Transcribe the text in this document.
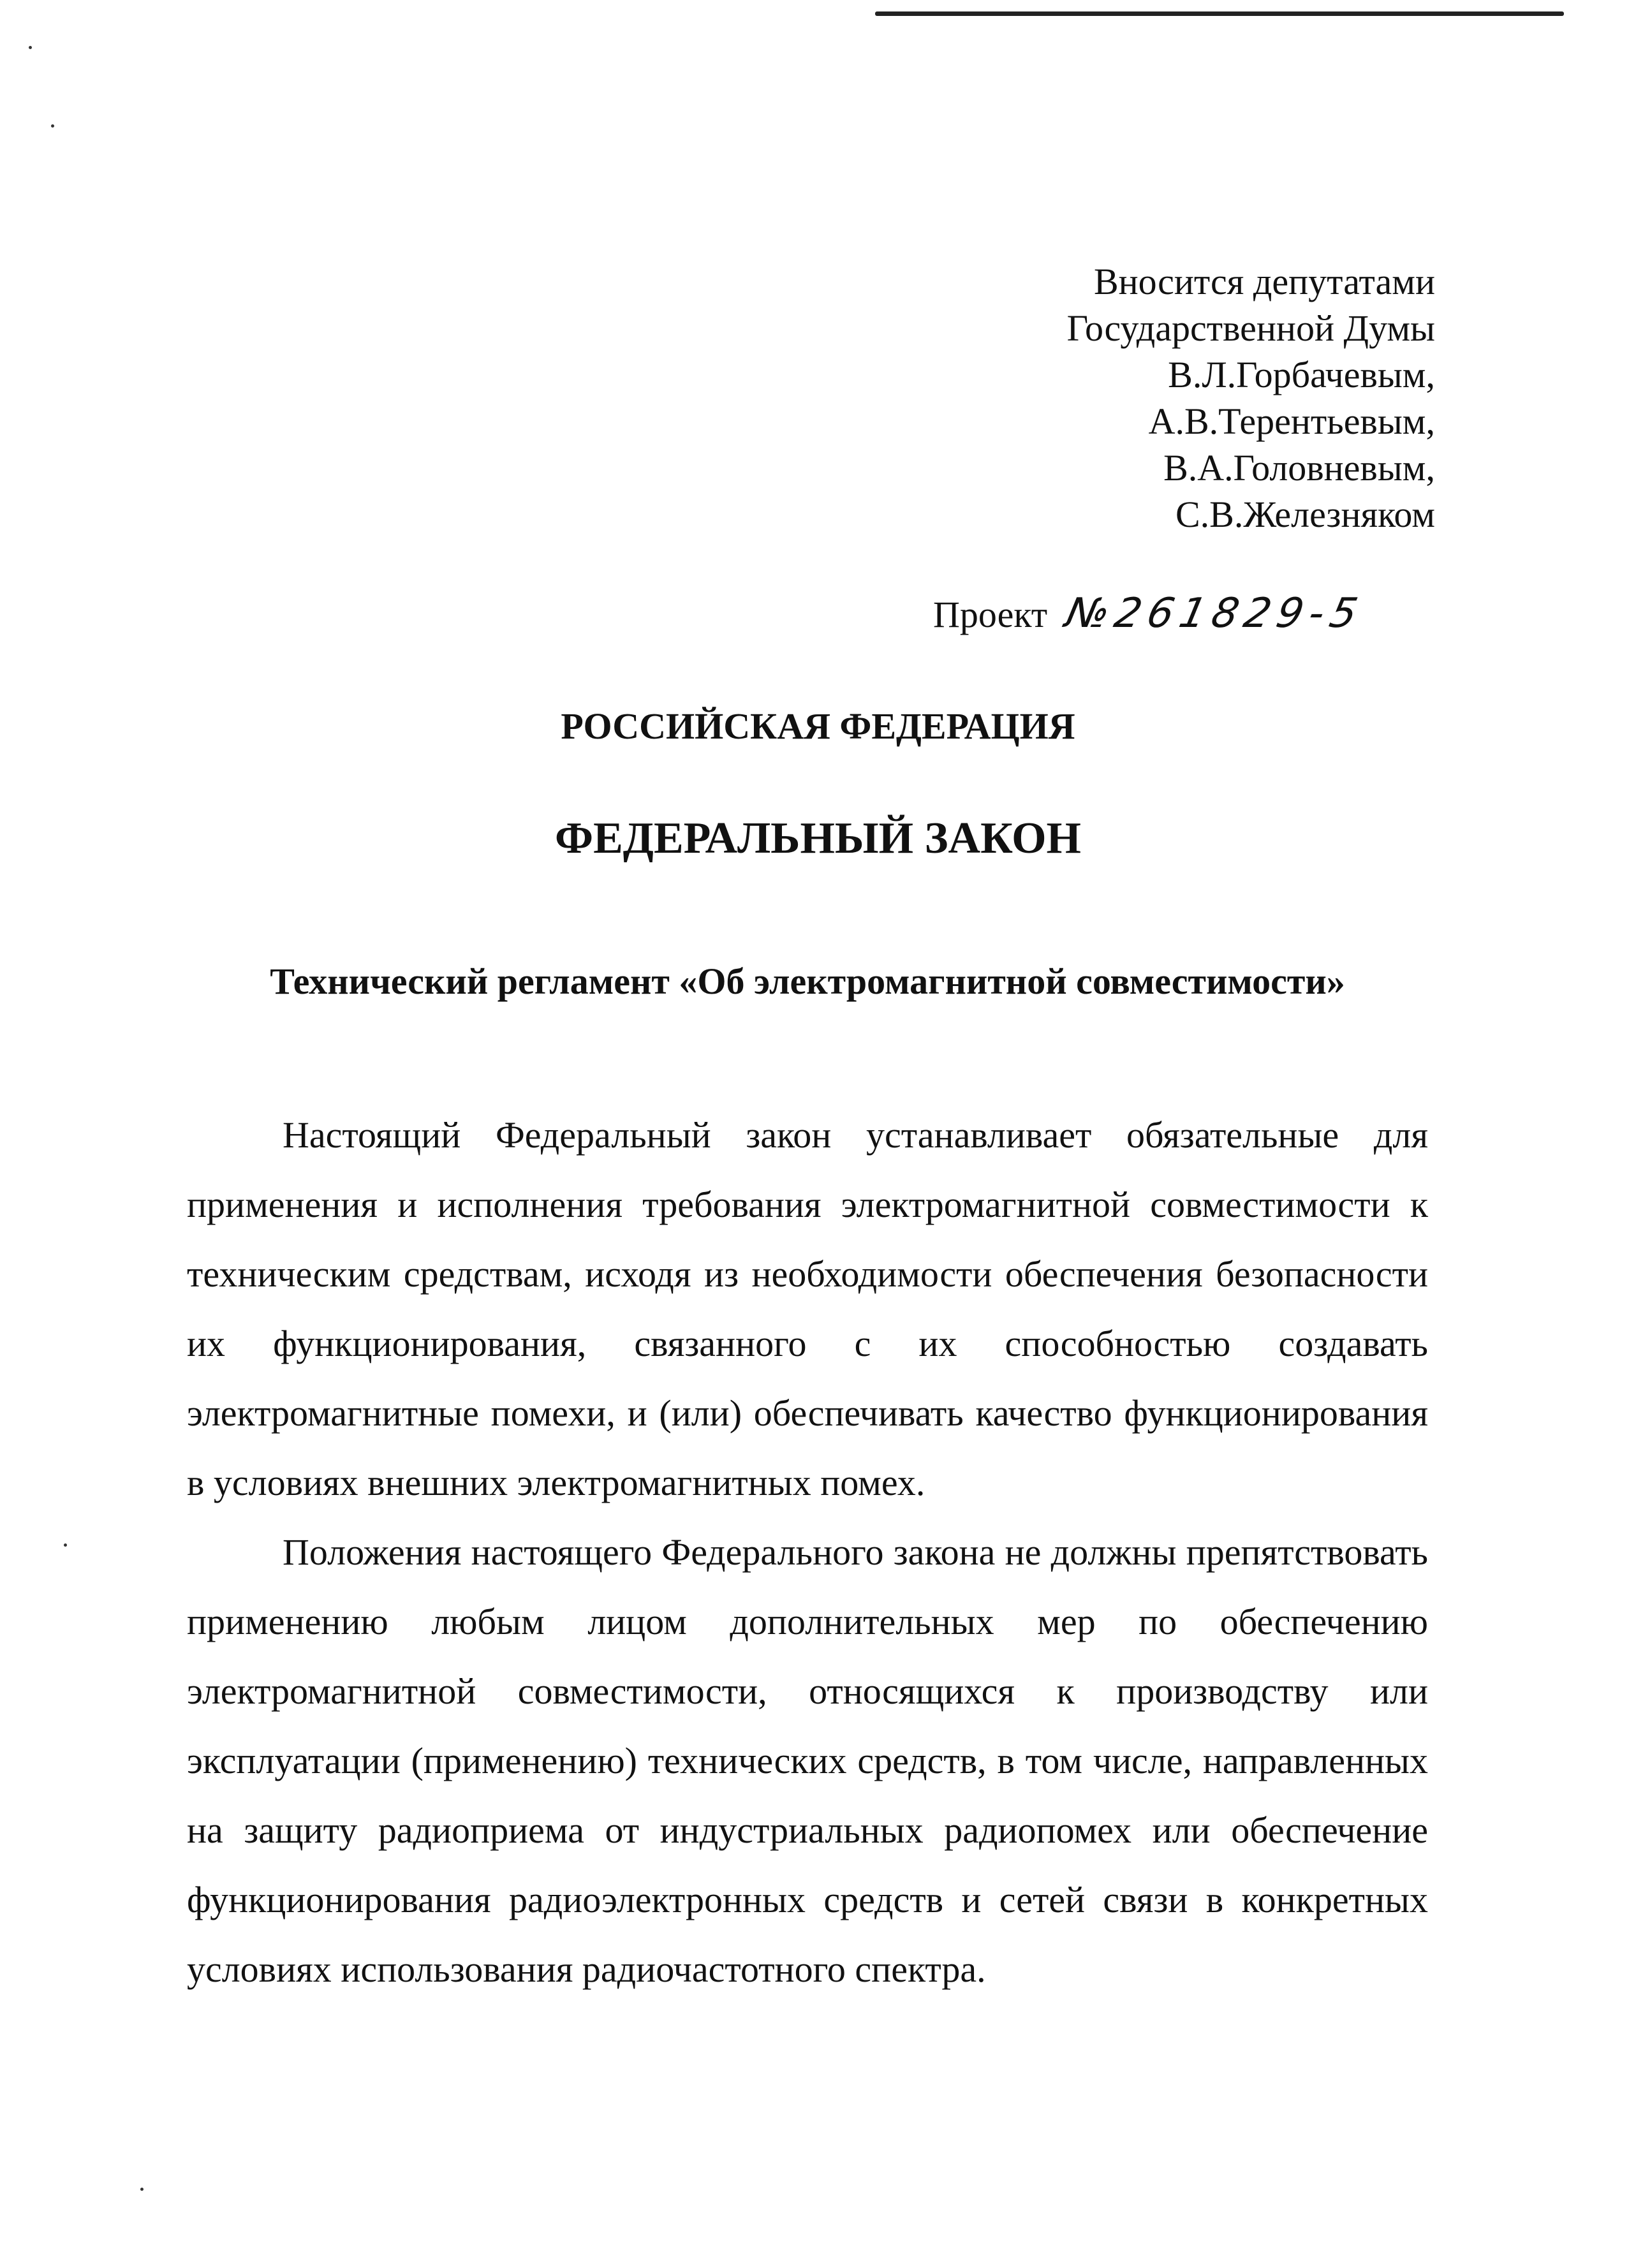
Вносится депутатами
Государственной Думы
В.Л.Горбачевым,
А.В.Терентьевым,
В.А.Головневым,
С.В.Железняком
Проект №261829-5
РОССИЙСКАЯ ФЕДЕРАЦИЯ
ФЕДЕРАЛЬНЫЙ ЗАКОН
Технический регламент «Об электромагнитной совместимости»

Настоящий Федеральный закон устанавливает обязательные для применения и исполнения требования электромагнитной совместимости к техническим средствам, исходя из необходимости обеспечения безопасности их функционирования, связанного с их способностью создавать электромагнитные помехи, и (или) обеспечивать качество функционирования в условиях внешних электромагнитных помех.

Положения настоящего Федерального закона не должны препятствовать применению любым лицом дополнительных мер по обеспечению электромагнитной совместимости, относящихся к производству или эксплуатации (применению) технических средств, в том числе, направленных на защиту радиоприема от индустриальных радиопомех или обеспечение функционирования радиоэлектронных средств и сетей связи в конкретных условиях использования радиочастотного спектра.
